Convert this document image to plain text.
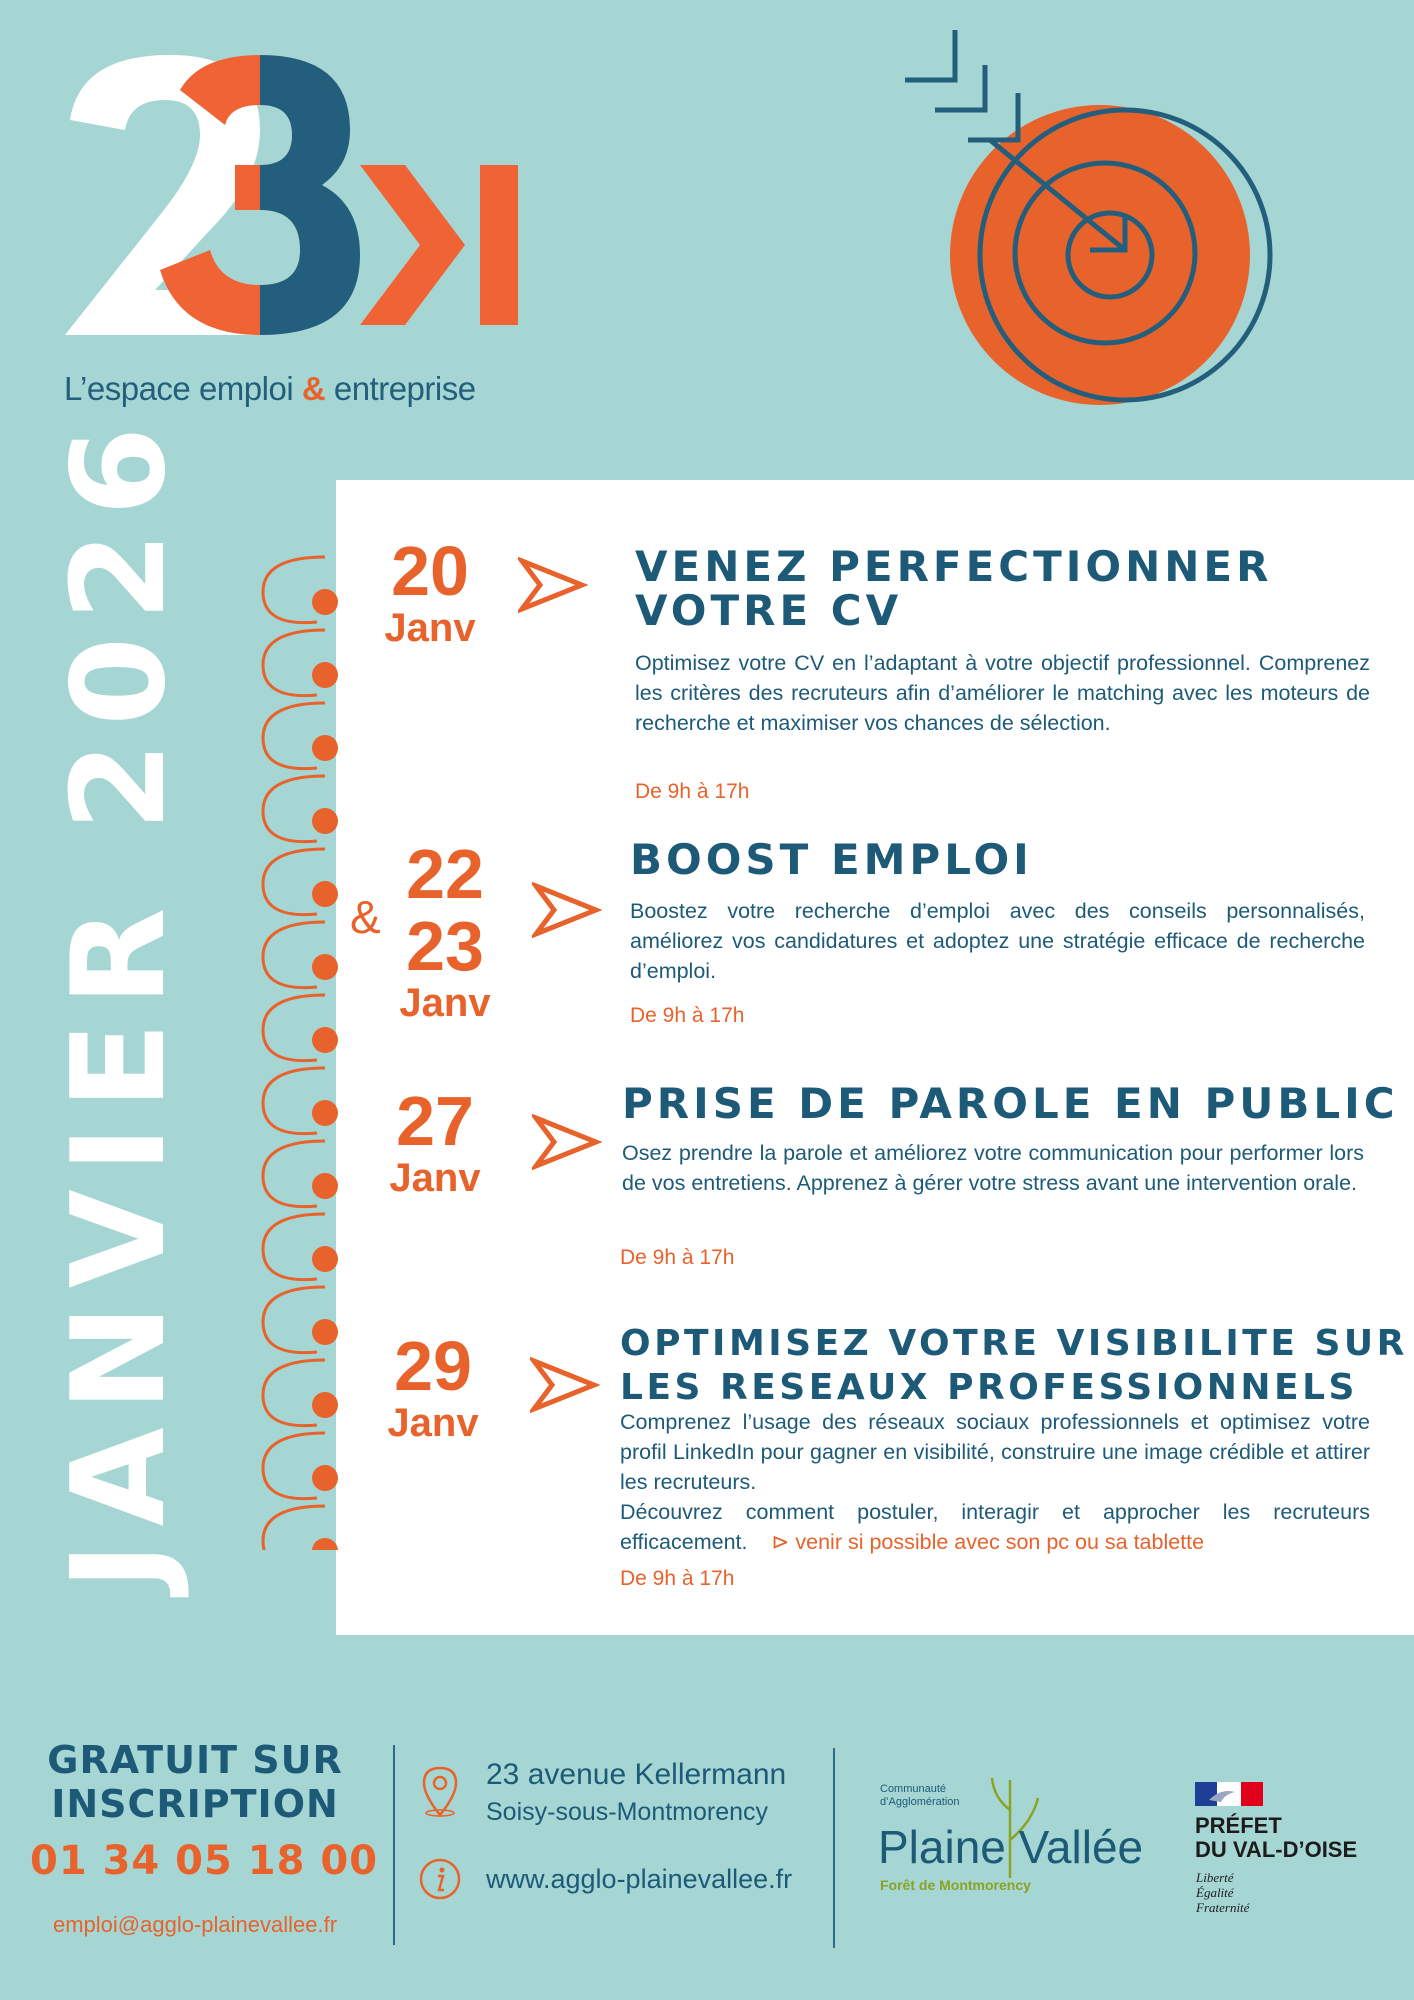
L’espace emploi & entreprise
JANVIER 2026	20
Janv
VENEZ PERFECTIONNER
VOTRE CV
Optimisez votre CV en l’adaptant à votre objectif professionnel. Comprenez les critères des recruteurs afin d’améliorer le matching avec les moteurs de recherche et maximiser vos chances de sélection.
De 9h à 17h
&
22
23
Janv
BOOST EMPLOI
Boostez votre recherche d’emploi avec des conseils personnalisés, améliorez vos candidatures et adoptez une stratégie efficace de recherche d’emploi.
De 9h à 17h
27
Janv
PRISE DE PAROLE EN PUBLIC
Osez prendre la parole et améliorez votre communication pour performer lors de vos entretiens. Apprenez à gérer votre stress avant une intervention orale.
De 9h à 17h
29
Janv
OPTIMISEZ VOTRE VISIBILITE SUR
LES RESEAUX PROFESSIONNELS
Comprenez l’usage des réseaux sociaux professionnels et optimisez votre profil LinkedIn pour gagner en visibilité, construire une image crédible et attirer les recruteurs.
Découvrez comment postuler, interagir et approcher les recruteurs efficacement. ⊳ venir si possible avec son pc ou sa tablette
De 9h à 17h
GRATUIT SUR
INSCRIPTION
01 34 05 18 00
emploi@agglo-plainevallee.fr
23 avenue Kellermann
Soisy-sous-Montmorency
www.agglo-plainevallee.fr
Communauté
d’Agglomération
Plaine Vallée
Forêt de Montmorency
PRÉFET
DU VAL-D’OISE
Liberté
Égalité
Fraternité
